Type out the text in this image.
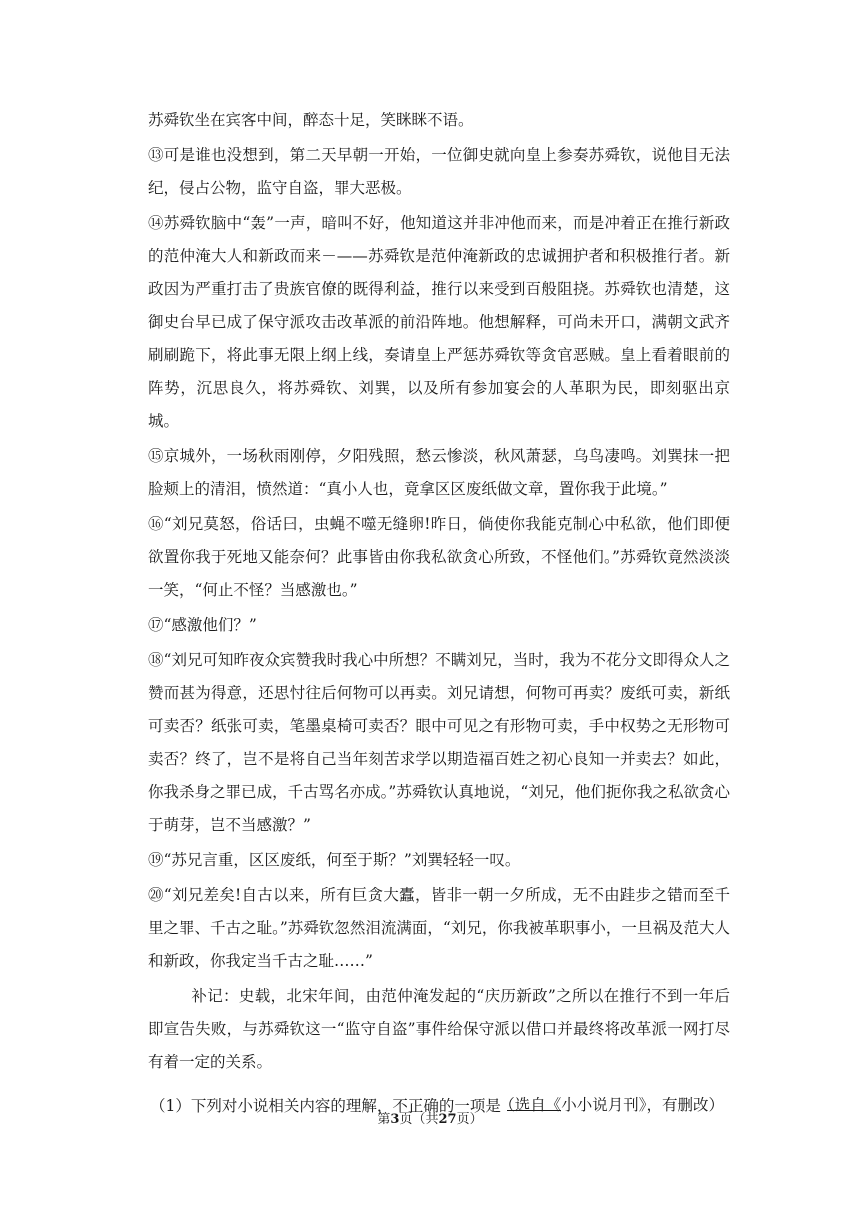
苏舜钦坐在宾客中间，醉态十足，笑眯眯不语。

⑬可是谁也没想到，第二天早朝一开始，一位御史就向皇上参奏苏舜钦，说他目无法纪，侵占公物，监守自盗，罪大恶极。

⑭苏舜钦脑中“轰”一声，暗叫不好，他知道这并非冲他而来，而是冲着正在推行新政的范仲淹大人和新政而来－——苏舜钦是范仲淹新政的忠诚拥护者和积极推行者。新政因为严重打击了贵族官僚的既得利益，推行以来受到百般阻挠。苏舜钦也清楚，这御史台早已成了保守派攻击改革派的前沿阵地。他想解释，可尚未开口，满朝文武齐刷刷跪下，将此事无限上纲上线，奏请皇上严惩苏舜钦等贪官恶贼。皇上看着眼前的阵势，沉思良久，将苏舜钦、刘巽，以及所有参加宴会的人革职为民，即刻驱出京城。

⑮京城外，一场秋雨刚停，夕阳残照，愁云惨淡，秋风萧瑟，乌鸟凄鸣。刘巽抹一把脸颊上的清泪，愤然道：“真小人也，竟拿区区废纸做文章，置你我于此境。”

⑯“刘兄莫怒，俗话曰，虫蝇不噬无缝卵!昨日，倘使你我能克制心中私欲，他们即便欲置你我于死地又能奈何？此事皆由你我私欲贪心所致，不怪他们。”苏舜钦竟然淡淡一笑，“何止不怪？当感激也。”

⑰“感激他们？”

⑱“刘兄可知昨夜众宾赞我时我心中所想？不瞒刘兄，当时，我为不花分文即得众人之赞而甚为得意，还思忖往后何物可以再卖。刘兄请想，何物可再卖？废纸可卖，新纸可卖否？纸张可卖，笔墨桌椅可卖否？眼中可见之有形物可卖，手中权势之无形物可卖否？终了，岂不是将自己当年刻苦求学以期造福百姓之初心良知一并卖去？如此，你我杀身之罪已成，千古骂名亦成。”苏舜钦认真地说，“刘兄，他们扼你我之私欲贪心于萌芽，岂不当感激？”

⑲“苏兄言重，区区废纸，何至于斯？”刘巽轻轻一叹。

⑳“刘兄差矣!自古以来，所有巨贪大蠹，皆非一朝一夕所成，无不由跬步之错而至千里之罪、千古之耻。”苏舜钦忽然泪流满面，“刘兄，你我被革职事小，一旦祸及范大人和新政，你我定当千古之耻……”

补记：史载，北宋年间，由范仲淹发起的“庆历新政”之所以在推行不到一年后即宣告失败，与苏舜钦这一“监守自盗”事件给保守派以借口并最终将改革派一网打尽有着一定的关系。

（选自《小小说月刊》，有删改）

（1）下列对小说相关内容的理解，不正确的一项是
第3页（共27页）
